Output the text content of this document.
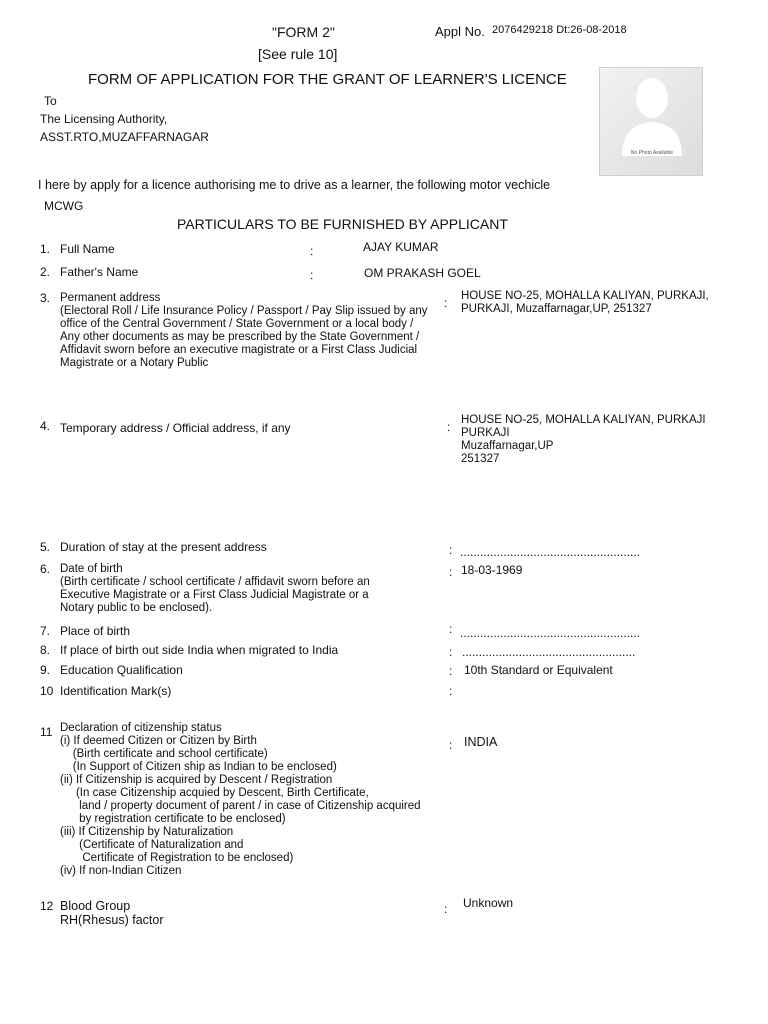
"FORM 2"
[See rule 10]
Appl No. 2076429218 Dt:26-08-2018
FORM OF APPLICATION FOR THE GRANT OF LEARNER'S LICENCE
No Photo Available
To
The Licensing Authority,
ASST.RTO,MUZAFFARNAGAR
I here by apply for a licence authorising me to drive as a learner, the following motor vechicle
MCWG
PARTICULARS TO BE FURNISHED BY APPLICANT
1. Full Name	:	AJAY KUMAR
2. Father's Name	:	OM PRAKASH GOEL
3. Permanent address
(Electoral Roll / Life Insurance Policy / Passport / Pay Slip issued by any
office of the Central Government / State Government or a local body /
Any other documents as may be prescribed by the State Government /
Affidavit sworn before an executive magistrate or a First Class Judicial
Magistrate or a Notary Public
: HOUSE NO-25, MOHALLA KALIYAN, PURKAJI,
PURKAJI, Muzaffarnagar,UP, 251327
4. Temporary address / Official address, if any	: HOUSE NO-25, MOHALLA KALIYAN, PURKAJI
PURKAJI
Muzaffarnagar,UP
251327
5. Duration of stay at the present address	: ......................................................
6. Date of birth
(Birth certificate / school certificate / affidavit sworn before an
Executive Magistrate or a First Class Judicial Magistrate or a
Notary public to be enclosed).
: 18-03-1969
7. Place of birth	: ......................................................
8. If place of birth out side India when migrated to India	: ....................................................
9. Education Qualification	: 10th Standard or Equivalent
10 Identification Mark(s)	:
11 Declaration of citizenship status
(i) If deemed Citizen or Citizen by Birth
(Birth certificate and school certificate)
(In Support of Citizen ship as Indian to be enclosed)
(ii) If Citizenship is acquired by Descent / Registration
(In case Citizenship acquied by Descent, Birth Certificate,
land / property document of parent / in case of Citizenship acquired
by registration certificate to be enclosed)
(iii) If Citizenship by Naturalization
(Certificate of Naturalization and
Certificate of Registration to be enclosed)
(iv) If non-Indian Citizen
: INDIA
12 Blood Group
RH(Rhesus) factor
: Unknown
